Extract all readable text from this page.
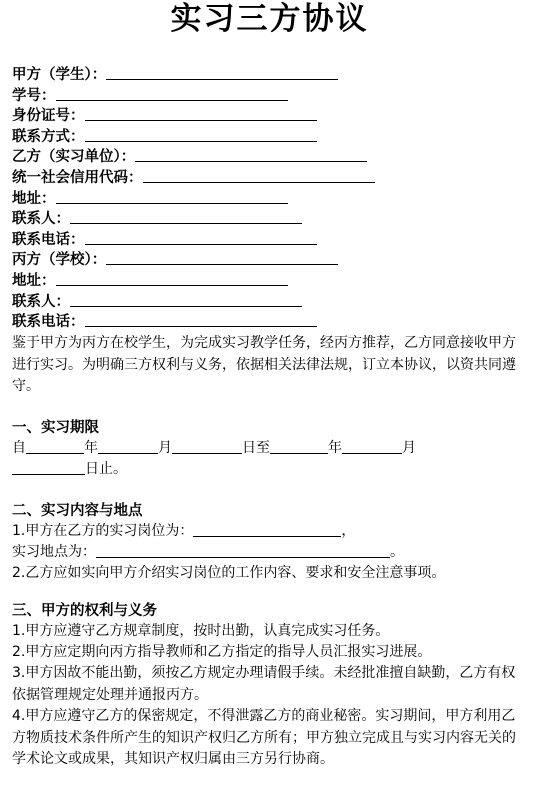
实习三方协议
甲方（学生）：
学号：
身份证号：
联系方式：
乙方（实习单位）：
统一社会信用代码：
地址：
联系人：
联系电话：
丙方（学校）：
地址：
联系人：
联系电话：
鉴于甲方为丙方在校学生，为完成实习教学任务，经丙方推荐，乙方同意接收甲方进行实习。为明确三方权利与义务，依据相关法律法规，订立本协议，以资共同遵守。
一、实习期限
自	年	月	日至	年	月
日止。
二、实习内容与地点
1.甲方在乙方的实习岗位为：	，
实习地点为：	。
2.乙方应如实向甲方介绍实习岗位的工作内容、要求和安全注意事项。
三、甲方的权利与义务
1.甲方应遵守乙方规章制度，按时出勤，认真完成实习任务。
2.甲方应定期向丙方指导教师和乙方指定的指导人员汇报实习进展。
3.甲方因故不能出勤，须按乙方规定办理请假手续。未经批准擅自缺勤，乙方有权依据管理规定处理并通报丙方。
4.甲方应遵守乙方的保密规定，不得泄露乙方的商业秘密。实习期间，甲方利用乙方物质技术条件所产生的知识产权归乙方所有；甲方独立完成且与实习内容无关的学术论文或成果，其知识产权归属由三方另行协商。
